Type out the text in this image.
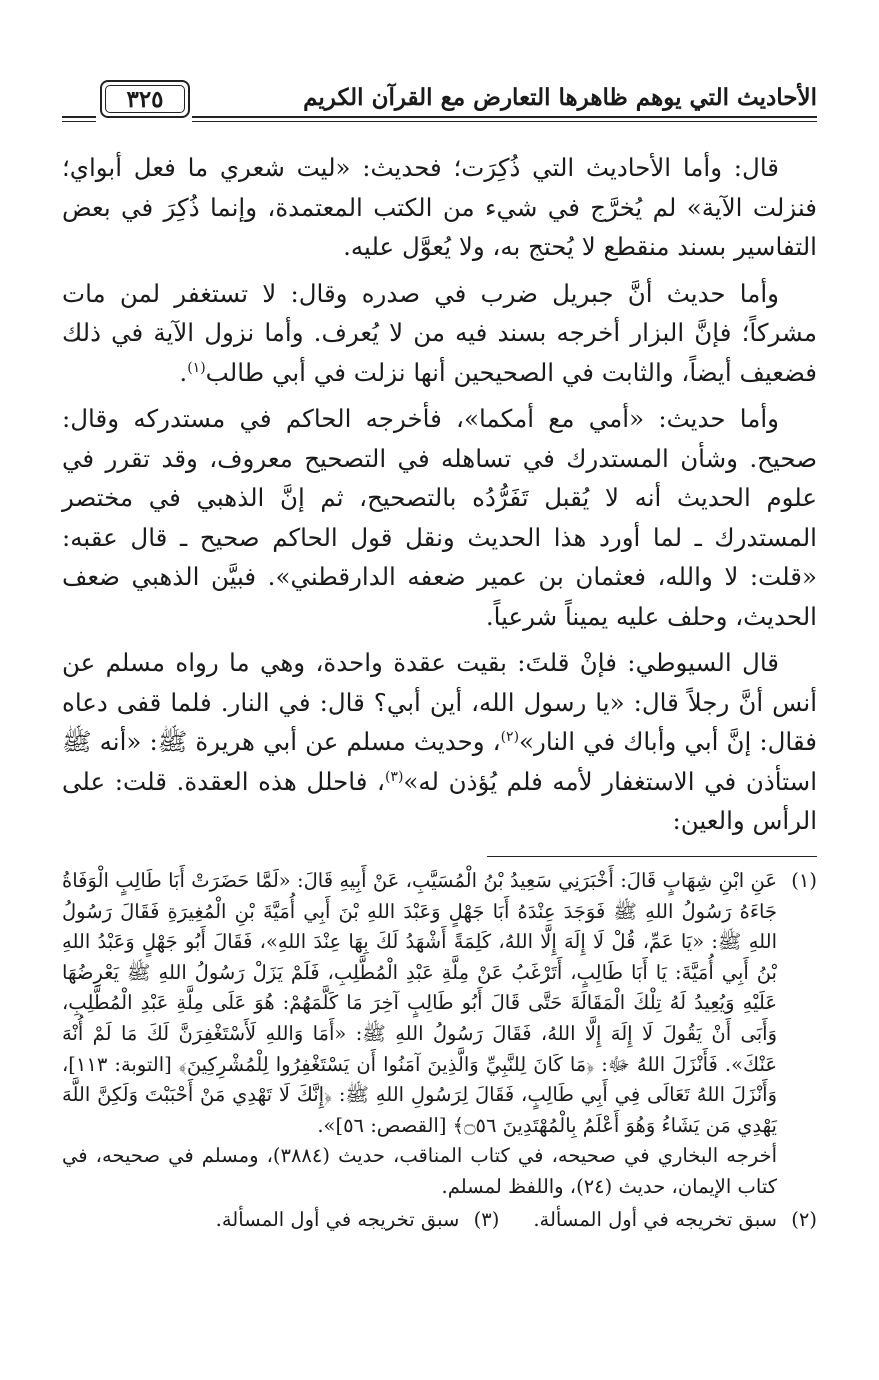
الأحاديث التي يوهم ظاهرها التعارض مع القرآن الكريم
٣٢٥

قال: وأما الأحاديث التي ذُكِرَت؛ فحديث: «ليت شعري ما فعل أبواي؛ فنزلت الآية» لم يُخرَّج في شيء من الكتب المعتمدة، وإنما ذُكِرَ في بعض التفاسير بسند منقطع لا يُحتج به، ولا يُعوَّل عليه.

وأما حديث أنَّ جبريل ضرب في صدره وقال: لا تستغفر لمن مات مشركاً؛ فإنَّ البزار أخرجه بسند فيه من لا يُعرف. وأما نزول الآية في ذلك فضعيف أيضاً، والثابت في الصحيحين أنها نزلت في أبي طالب$^{(١)}$.

وأما حديث: «أمي مع أمكما»، فأخرجه الحاكم في مستدركه وقال: صحيح. وشأن المستدرك في تساهله في التصحيح معروف، وقد تقرر في علوم الحديث أنه لا يُقبل تَفَرُّدُه بالتصحيح، ثم إنَّ الذهبي في مختصر المستدرك ـ لما أورد هذا الحديث ونقل قول الحاكم صحيح ـ قال عقبه: «قلت: لا والله، فعثمان بن عمير ضعفه الدارقطني». فبيَّن الذهبي ضعف الحديث، وحلف عليه يميناً شرعياً.

قال السيوطي: فإنْ قلتَ: بقيت عقدة واحدة، وهي ما رواه مسلم عن أنس أنَّ رجلاً قال: «يا رسول الله، أين أبي؟ قال: في النار. فلما قفى دعاه فقال: إنَّ أبي وأباك في النار»$^{(٢)}$، وحديث مسلم عن أبي هريرة ﷺ: «أنه ﷺ استأذن في الاستغفار لأمه فلم يُؤذن له»$^{(٣)}$، فاحلل هذه العقدة. قلت: على الرأس والعين:

(١)
عَنِ ابْنِ شِهَابٍ قَالَ: أَخْبَرَنِي سَعِيدُ بْنُ الْمُسَيَّبِ، عَنْ أَبِيهِ قَالَ: «لَمَّا حَضَرَتْ أَبَا طَالِبٍ الْوَفَاةُ جَاءَهُ رَسُولُ اللهِ ﷺ فَوَجَدَ عِنْدَهُ أَبَا جَهْلٍ وَعَبْدَ اللهِ بْنَ أَبِي أُمَيَّةَ بْنِ الْمُغِيرَةِ فَقَالَ رَسُولُ اللهِ ﷺ: «يَا عَمِّ، قُلْ لَا إِلَهَ إِلَّا اللهُ، كَلِمَةً أَشْهَدُ لَكَ بِهَا عِنْدَ اللهِ»، فَقَالَ أَبُو جَهْلٍ وَعَبْدُ اللهِ بْنُ أَبِي أُمَيَّةَ: يَا أَبَا طَالِبٍ، أَتَرْغَبُ عَنْ مِلَّةِ عَبْدِ الْمُطَّلِبِ، فَلَمْ يَزَلْ رَسُولُ اللهِ ﷺ يَعْرِضُهَا عَلَيْهِ وَيُعِيدُ لَهُ تِلْكَ الْمَقَالَةَ حَتَّى قَالَ أَبُو طَالِبٍ آخِرَ مَا كَلَّمَهُمْ: هُوَ عَلَى مِلَّةِ عَبْدِ الْمُطَّلِبِ، وَأَبَى أَنْ يَقُولَ لَا إِلَهَ إِلَّا اللهُ، فَقَالَ رَسُولُ اللهِ ﷺ: «أَمَا وَاللهِ لَأَسْتَغْفِرَنَّ لَكَ مَا لَمْ أُنْهَ عَنْكَ». فَأَنْزَلَ اللهُ ﷻ: ﴿مَا كَانَ لِلنَّبِيِّ وَالَّذِينَ آمَنُوا أَن يَسْتَغْفِرُوا لِلْمُشْرِكِينَ﴾ [التوبة: ١١٣]، وَأَنْزَلَ اللهُ تَعَالَى فِي أَبِي طَالِبٍ، فَقَالَ لِرَسُولِ اللهِ ﷺ: ﴿إِنَّكَ لَا تَهْدِي مَنْ أَحْبَبْتَ وَلَكِنَّ اللَّهَ يَهْدِي مَن يَشَاءُ وَهُوَ أَعْلَمُ بِالْمُهْتَدِينَ ۝٥٦﴾ [القصص: ٥٦]».
أخرجه البخاري في صحيحه، في كتاب المناقب، حديث (٣٨٨٤)، ومسلم في صحيحه، في كتاب الإيمان، حديث (٢٤)، واللفظ لمسلم.
(٢)
سبق تخريجه في أول المسألة.
(٣)
سبق تخريجه في أول المسألة.
